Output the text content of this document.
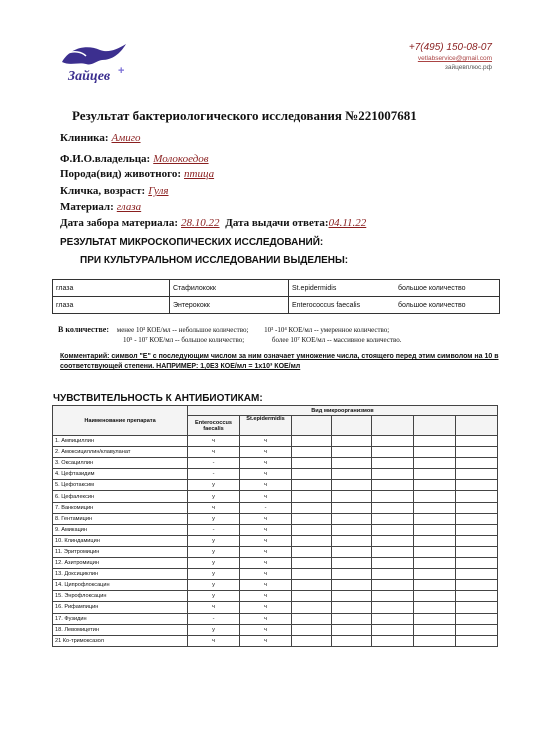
Зайцев +
+7(495) 150-08-07
vetlabservice@gmail.com
зайцевплюс.рф
Результат бактериологического исследования №221007681
Клиника: Амиго
Ф.И.О.владельца: Молокоедов
Порода(вид) животного: птица
Кличка, возраст: Гуля
Материал: глаза
Дата забора материала: 28.10.22 Дата выдачи ответа:04.11.22
РЕЗУЛЬТАТ МИКРОСКОПИЧЕСКИХ ИССЛЕДОВАНИЙ:
ПРИ КУЛЬТУРАЛЬНОМ ИССЛЕДОВАНИИ ВЫДЕЛЕНЫ:
глаза	Стафилококк	St.epidermidis	большое количество
глаза	Энтерококк	Enterococcus faecalis	большое количество
В количестве: менее 10³ КОЕ/мл -- небольшое количество; 10³ -10⁴ КОЕ/мл -- умеренное количество;
10⁵ - 10⁷ КОЕ/мл -- большое количество;	более 10⁷ КОЕ/мл -- массивное количество.
Комментарий: символ "Е" с последующим числом за ним означает умножение числа, стоящего перед этим символом на 10 в соответствующей степени. НАПРИМЕР: 1,0Е3 КОЕ/мл = 1х10³ КОЕ/мл
ЧУВСТВИТЕЛЬНОСТЬ К АНТИБИОТИКАМ:
Наименование препарата	Вид микроорганизмов						
	Enterococcus faecalis	St.epidermidis					
1. Ампициллин	ч	ч					
2. Амоксициллин/клавуланат	ч	ч					
3. Оксациллин	-	ч					
4. Цефтазидим	-	ч					
5. Цефотаксим	у	ч					
6. Цефалексин	у	ч					
7. Ванкомицин	ч	-					
8. Гентамицин	у	ч					
9. Амикацин	-	ч					
10. Клиндамицин	у	ч					
11. Эритромицин	у	ч					
12. Азитромицин	у	ч					
13. Доксициклин	у	ч					
14. Ципрофлоксацин	у	ч					
15. Энрофлоксацин	у	ч					
16. Рифампицин	ч	ч					
17. Фузидин	-	ч					
18. Левомицетин	у	ч					
21 Ко-тримоксазол	ч	ч					
